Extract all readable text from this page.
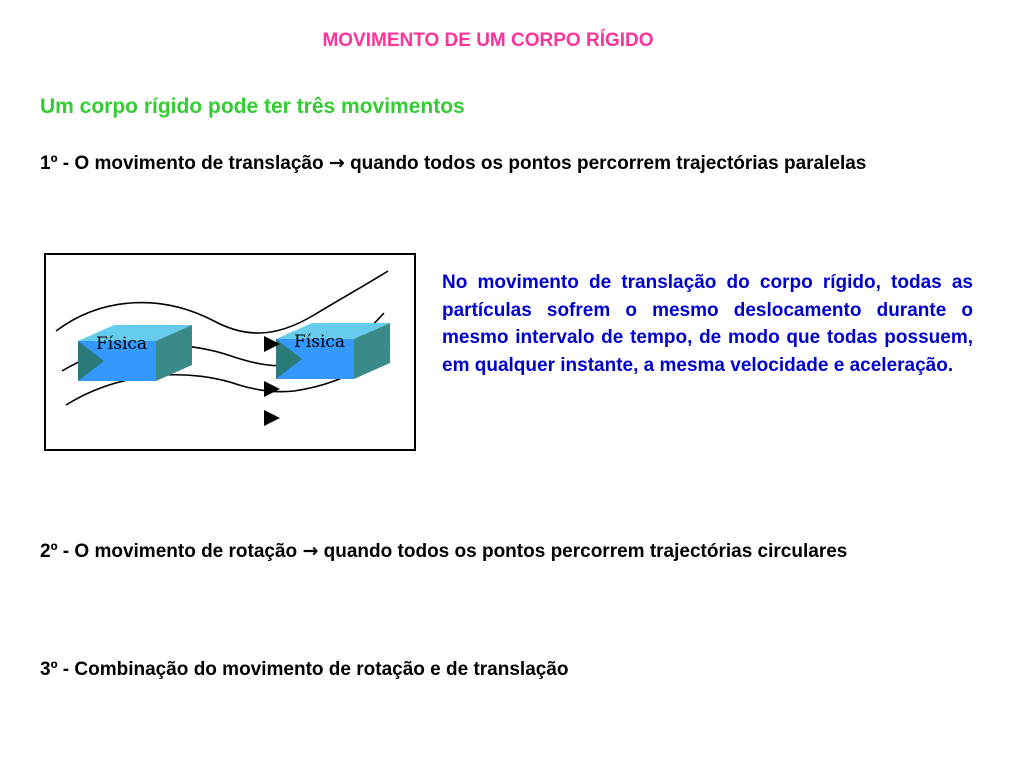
MOVIMENTO DE UM CORPO RÍGIDO
Um corpo rígido pode ter três movimentos
1º - O movimento de translação → quando todos os pontos percorrem trajectórias paralelas
Física	Física
No movimento de translação do corpo rígido, todas as partículas sofrem o mesmo deslocamento durante o mesmo intervalo de tempo, de modo que todas possuem, em qualquer instante, a mesma velocidade e aceleração.
2º - O movimento de rotação → quando todos os pontos percorrem trajectórias circulares
3º - Combinação do movimento de rotação e de translação
